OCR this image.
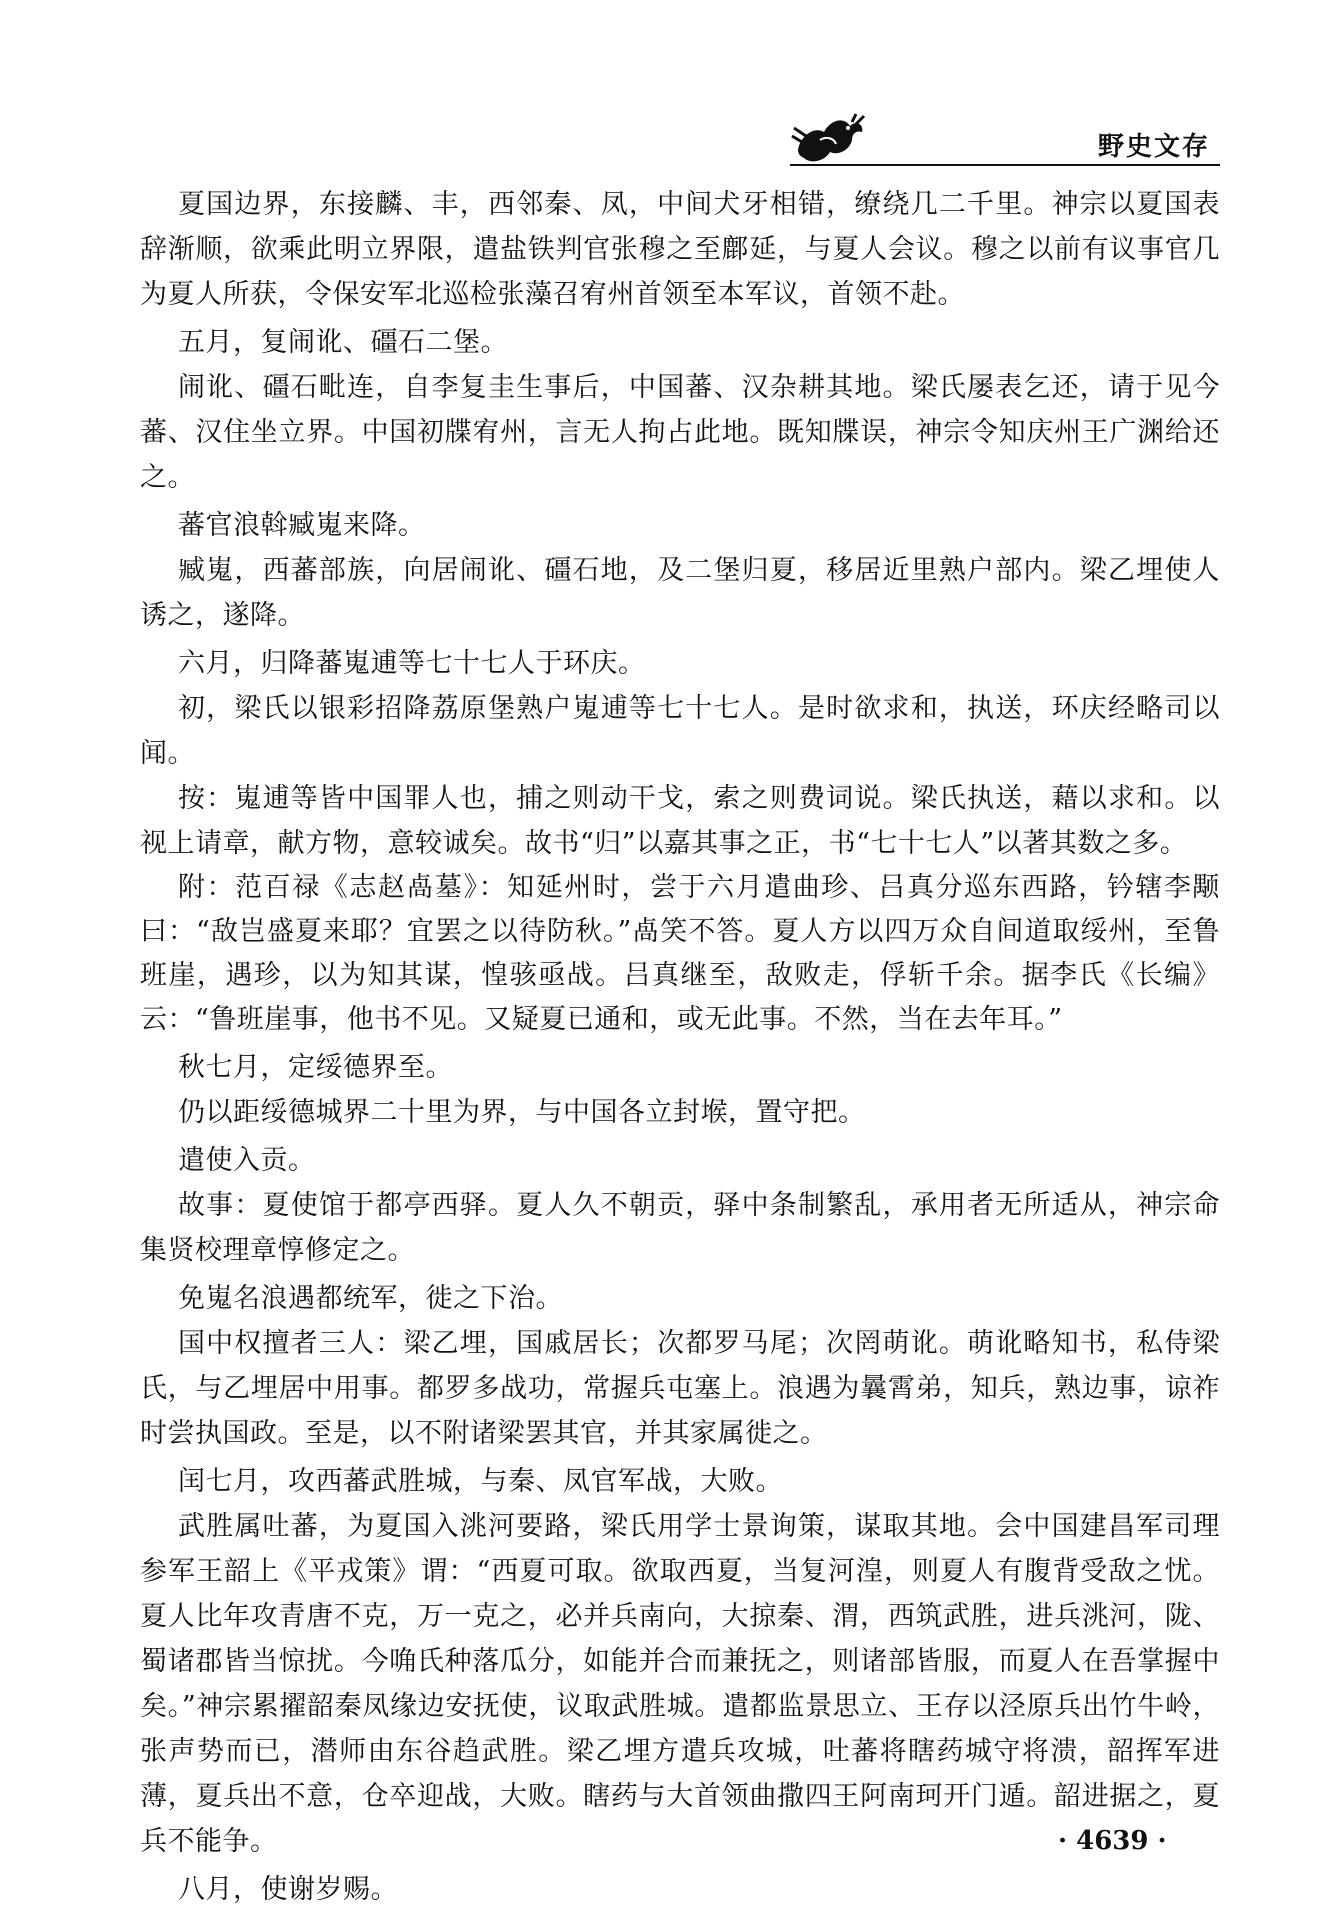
野史文存

夏国边界，东接麟、丰，西邻秦、凤，中间犬牙相错，缭绕几二千里。神宗以夏国表辞渐顺，欲乘此明立界限，遣盐铁判官张穆之至鄜延，与夏人会议。穆之以前有议事官几为夏人所获，令保安军北巡检张藻召宥州首领至本军议，首领不赴。

五月，复闹讹、礓石二堡。

闹讹、礓石毗连，自李复圭生事后，中国蕃、汉杂耕其地。梁氏屡表乞还，请于见今蕃、汉住坐立界。中国初牒宥州，言无人拘占此地。既知牒误，神宗令知庆州王广渊给还之。

蕃官浪斡臧嵬来降。

臧嵬，西蕃部族，向居闹讹、礓石地，及二堡归夏，移居近里熟户部内。梁乙埋使人诱之，遂降。

六月，归降蕃嵬逋等七十七人于环庆。

初，梁氏以银彩招降荔原堡熟户嵬逋等七十七人。是时欲求和，执送，环庆经略司以闻。

按：嵬逋等皆中国罪人也，捕之则动干戈，索之则费词说。梁氏执送，藉以求和。以视上请章，献方物，意较诚矣。故书“归”以嘉其事之正，书“七十七人”以著其数之多。

附：范百禄《志赵卨墓》：知延州时，尝于六月遣曲珍、吕真分巡东西路，钤辖李颙曰：“敌岂盛夏来耶？宜罢之以待防秋。”卨笑不答。夏人方以四万众自间道取绥州，至鲁班崖，遇珍，以为知其谋，惶骇亟战。吕真继至，敌败走，俘斩千余。据李氏《长编》云：“鲁班崖事，他书不见。又疑夏已通和，或无此事。不然，当在去年耳。”

秋七月，定绥德界至。

仍以距绥德城界二十里为界，与中国各立封堠，置守把。

遣使入贡。

故事：夏使馆于都亭西驿。夏人久不朝贡，驿中条制繁乱，承用者无所适从，神宗命集贤校理章惇修定之。

免嵬名浪遇都统军，徙之下治。

国中权擅者三人：梁乙埋，国戚居长；次都罗马尾；次罔萌讹。萌讹略知书，私侍梁氏，与乙埋居中用事。都罗多战功，常握兵屯塞上。浪遇为曩霄弟，知兵，熟边事，谅祚时尝执国政。至是，以不附诸梁罢其官，并其家属徙之。

闰七月，攻西蕃武胜城，与秦、凤官军战，大败。

武胜属吐蕃，为夏国入洮河要路，梁氏用学士景询策，谋取其地。会中国建昌军司理参军王韶上《平戎策》谓：“西夏可取。欲取西夏，当复河湟，则夏人有腹背受敌之忧。夏人比年攻青唐不克，万一克之，必并兵南向，大掠秦、渭，西筑武胜，进兵洮河，陇、蜀诸郡皆当惊扰。今唃氏种落瓜分，如能并合而兼抚之，则诸部皆服，而夏人在吾掌握中矣。”神宗累擢韶秦凤缘边安抚使，议取武胜城。遣都监景思立、王存以泾原兵出竹牛岭，张声势而已，潜师由东谷趋武胜。梁乙埋方遣兵攻城，吐蕃将瞎药城守将溃，韶挥军进薄，夏兵出不意，仓卒迎战，大败。瞎药与大首领曲撒四王阿南珂开门遁。韶进据之，夏兵不能争。

八月，使谢岁赐。

· 4639 ·
